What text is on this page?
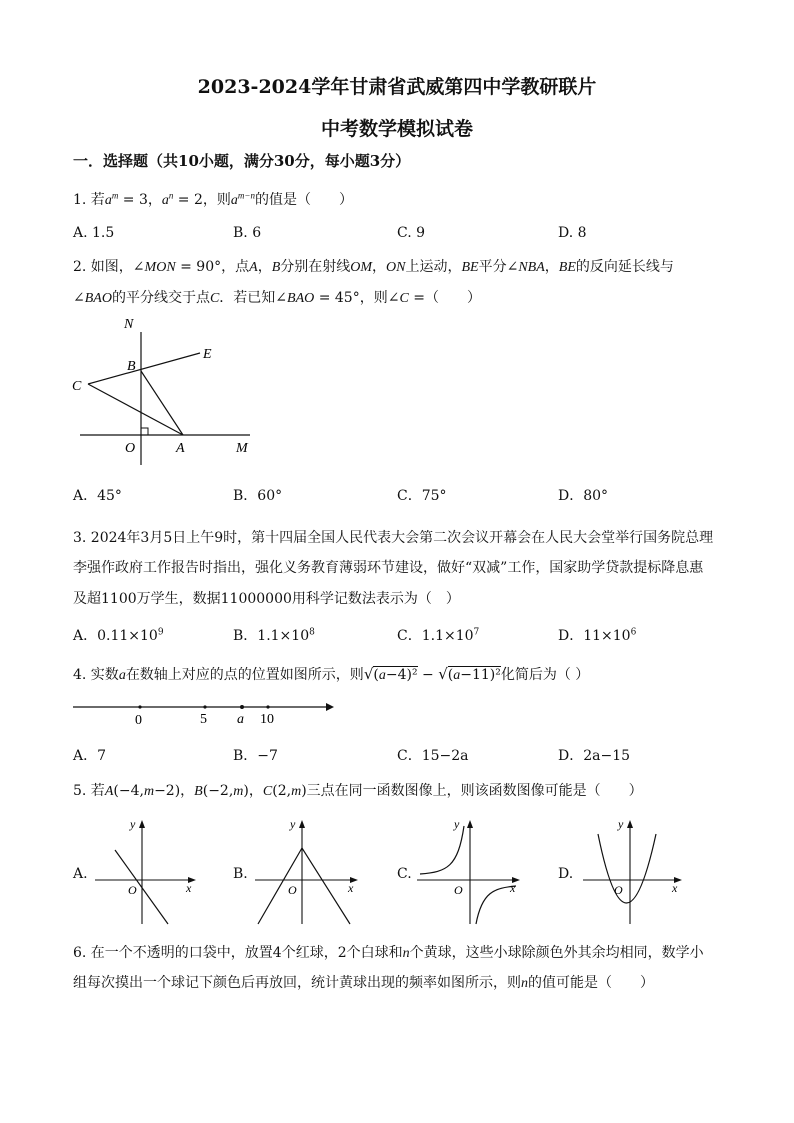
2023-2024学年甘肃省武威第四中学教研联片
中考数学模拟试卷
一．选择题（共10小题，满分30分，每小题3分）
1. 若$a^m = 3$，$a^n = 2$，则$a^{m-n}$的值是（　　）
A. 1.5	B. 6	C. 9	D. 8
2. 如图，∠MON = 90°，点A，B分别在射线OM，ON上运动，BE平分∠NBA，BE的反向延长线与
∠BAO的平分线交于点C．若已知∠BAO = 45°，则∠C =（　　）
N
B
E
C
O	A	M
A．45°	B．60°	C．75°	D．80°
3. 2024年3月5日上午9时，第十四届全国人民代表大会第二次会议开幕会在人民大会堂举行国务院总理
李强作政府工作报告时指出，强化义务教育薄弱环节建设，做好“双减”工作，国家助学贷款提标降息惠
及超1100万学生，数据11000000用科学记数法表示为（　）
A．$0.11\times 10^9$	B．$1.1\times 10^8$	C．$1.1\times 10^7$	D．$11\times 10^6$
4. 实数a在数轴上对应的点的位置如图所示，则√(a−4)² − √(a−11)²化简后为（ ）
0	5 a 10
A．7	B．−7	C．15−2a	D．2a−15
5. 若A(−4,m−2)，B(−2,m)，C(2,m)三点在同一函数图像上，则该函数图像可能是（　　）
A.
y
x
O
B.
y
x
O
C.
y
x
O
D.
y
x
O
6. 在一个不透明的口袋中，放置4个红球，2个白球和n个黄球，这些小球除颜色外其余均相同，数学小
组每次摸出一个球记下颜色后再放回，统计黄球出现的频率如图所示，则n的值可能是（　　）
